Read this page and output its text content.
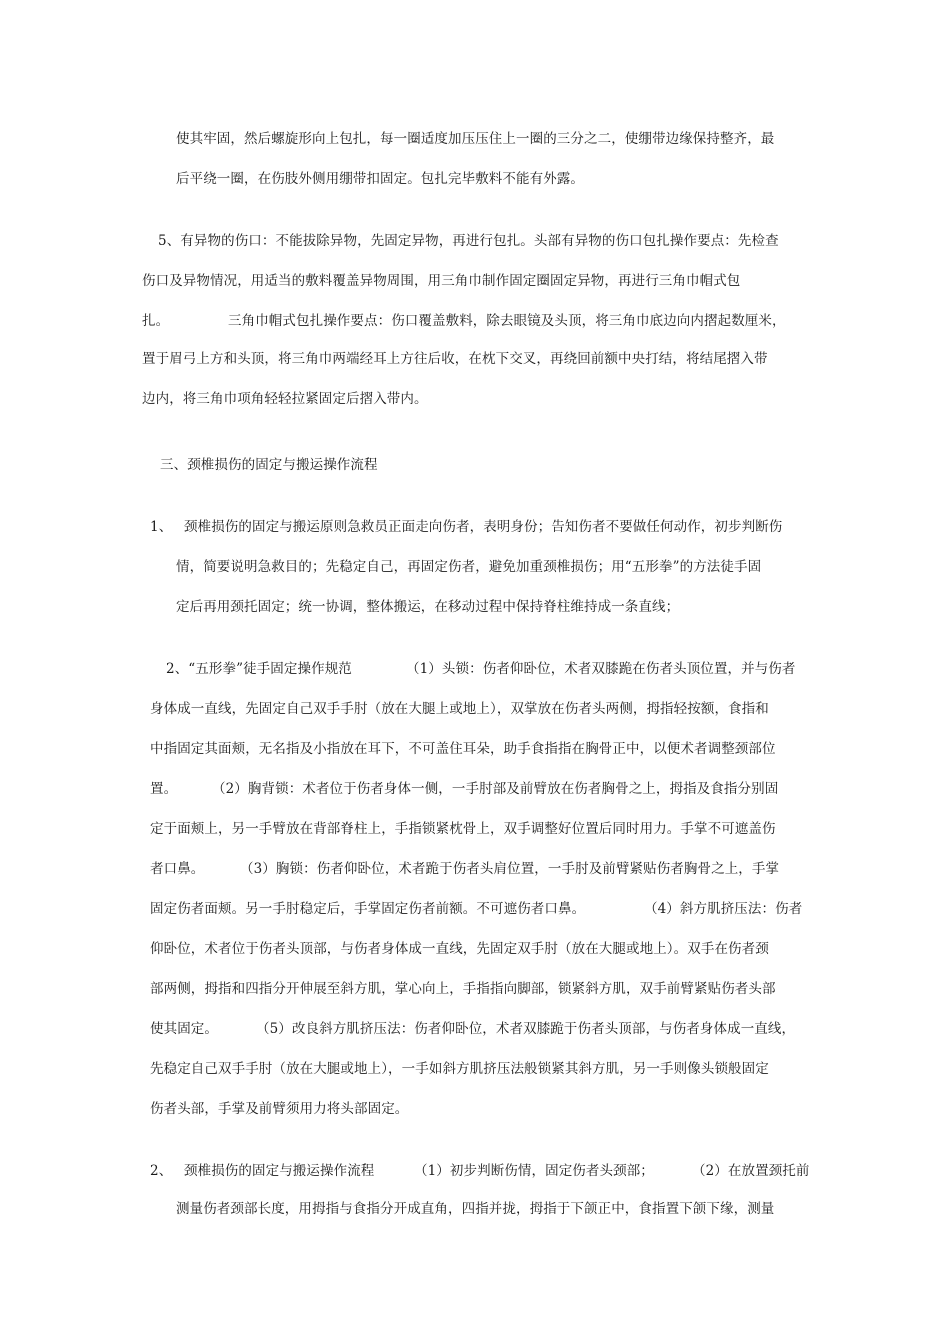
使其牢固，然后螺旋形向上包扎，每一圈适度加压压住上一圈的三分之二，使绷带边缘保持整齐，最
后平绕一圈，在伤肢外侧用绷带扣固定。包扎完毕敷料不能有外露。
5、有异物的伤口：不能拔除异物，先固定异物，再进行包扎。头部有异物的伤口包扎操作要点：先检查
伤口及异物情况，用适当的敷料覆盖异物周围，用三角巾制作固定圈固定异物，再进行三角巾帽式包
扎。	三角巾帽式包扎操作要点：伤口覆盖敷料，除去眼镜及头顶，将三角巾底边向内摺起数厘米，
置于眉弓上方和头顶，将三角巾两端经耳上方往后收，在枕下交叉，再绕回前额中央打结，将结尾摺入带
边内，将三角巾项角轻轻拉紧固定后摺入带内。
三、颈椎损伤的固定与搬运操作流程
1、 颈椎损伤的固定与搬运原则急救员正面走向伤者，表明身份；告知伤者不要做任何动作，初步判断伤
情，简要说明急救目的；先稳定自己，再固定伤者，避免加重颈椎损伤；用“五形拳”的方法徒手固
定后再用颈托固定；统一协调，整体搬运，在移动过程中保持脊柱维持成一条直线；
2、“五形拳”徒手固定操作规范	（1）头锁：伤者仰卧位，术者双膝跪在伤者头顶位置，并与伤者
身体成一直线，先固定自己双手手肘（放在大腿上或地上），双掌放在伤者头两侧，拇指轻按额，食指和
中指固定其面颊，无名指及小指放在耳下，不可盖住耳朵，助手食指指在胸骨正中，以便术者调整颈部位
置。	（2）胸背锁：术者位于伤者身体一侧，一手肘部及前臂放在伤者胸骨之上，拇指及食指分别固
定于面颊上，另一手臂放在背部脊柱上，手指锁紧枕骨上，双手调整好位置后同时用力。手掌不可遮盖伤
者口鼻。	（3）胸锁：伤者仰卧位，术者跪于伤者头肩位置，一手肘及前臂紧贴伤者胸骨之上，手掌
固定伤者面颊。另一手肘稳定后，手掌固定伤者前额。不可遮伤者口鼻。	（4）斜方肌挤压法：伤者
仰卧位，术者位于伤者头顶部，与伤者身体成一直线，先固定双手肘（放在大腿或地上）。双手在伤者颈
部两侧，拇指和四指分开伸展至斜方肌，掌心向上，手指指向脚部，锁紧斜方肌，双手前臂紧贴伤者头部
使其固定。	（5）改良斜方肌挤压法：伤者仰卧位，术者双膝跪于伤者头顶部，与伤者身体成一直线，
先稳定自己双手手肘（放在大腿或地上），一手如斜方肌挤压法般锁紧其斜方肌，另一手则像头锁般固定
伤者头部，手掌及前臂须用力将头部固定。
2、 颈椎损伤的固定与搬运操作流程	（1）初步判断伤情，固定伤者头颈部；	（2）在放置颈托前
测量伤者颈部长度，用拇指与食指分开成直角，四指并拢，拇指于下颌正中，食指置下颌下缘，测量
